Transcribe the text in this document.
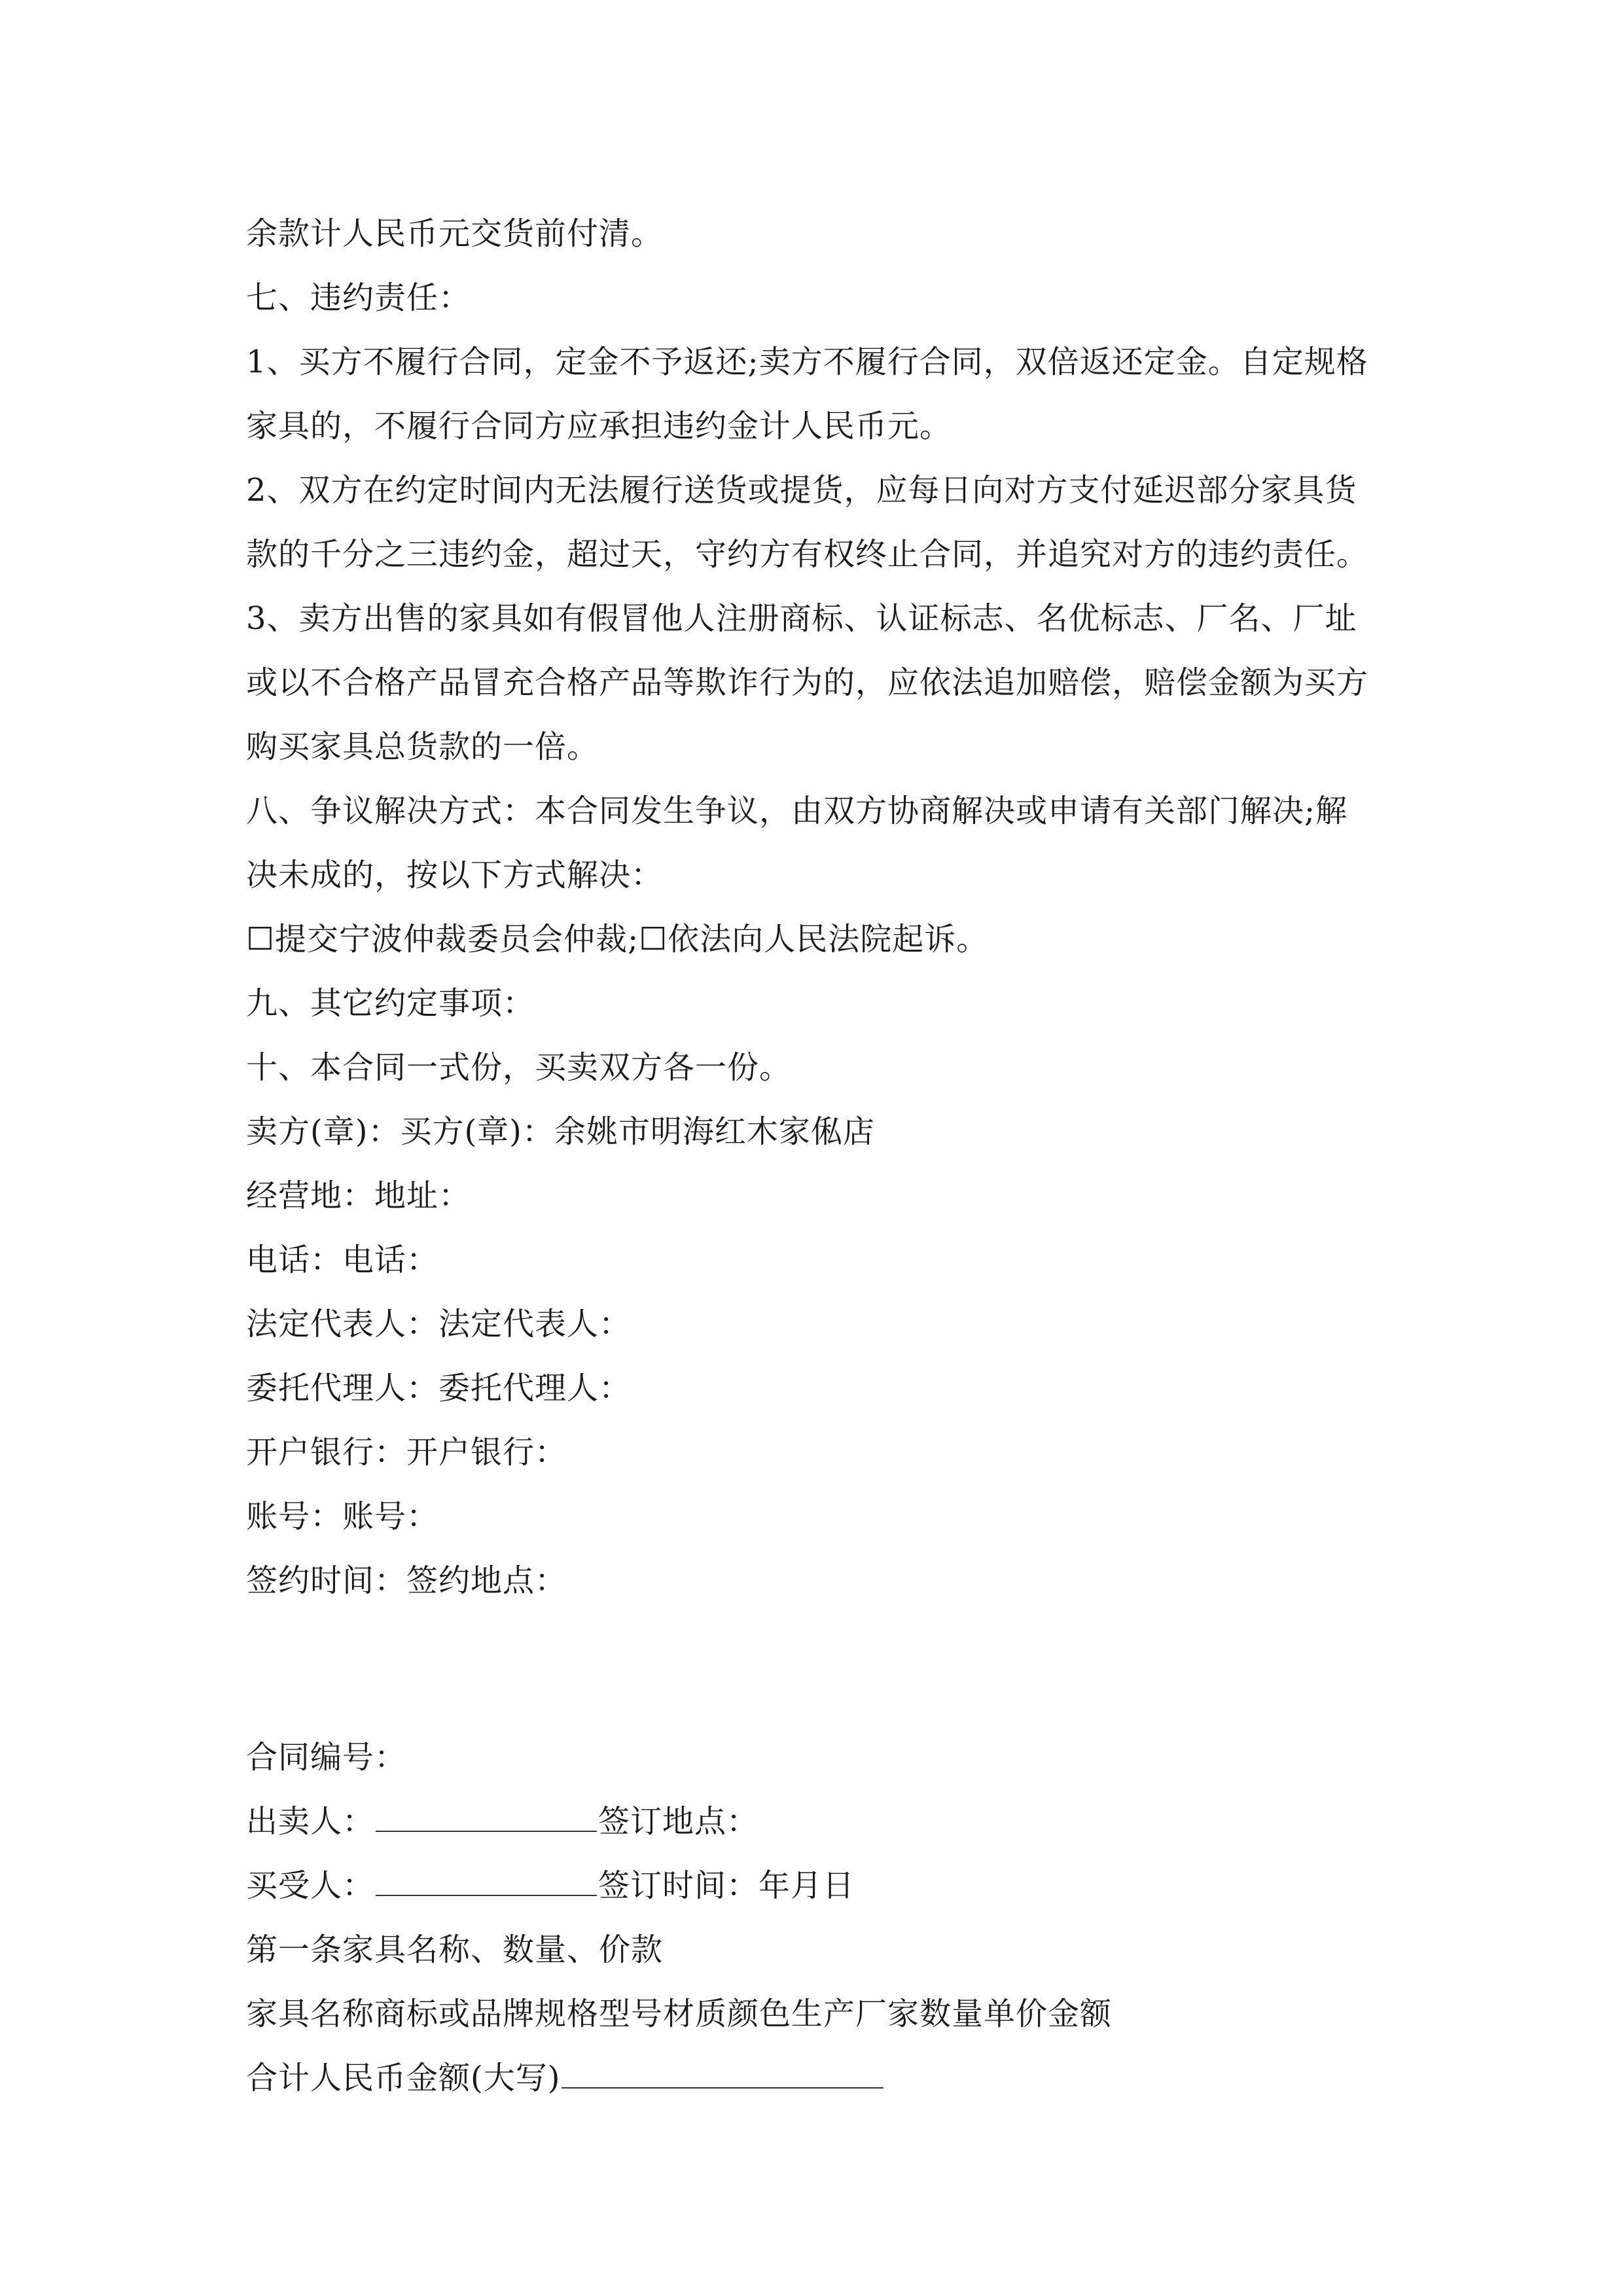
余款计人民币元交货前付清。
七、违约责任：
1、买方不履行合同，定金不予返还;卖方不履行合同，双倍返还定金。自定规格
家具的，不履行合同方应承担违约金计人民币元。
2、双方在约定时间内无法履行送货或提货，应每日向对方支付延迟部分家具货
款的千分之三违约金，超过天，守约方有权终止合同，并追究对方的违约责任。
3、卖方出售的家具如有假冒他人注册商标、认证标志、名优标志、厂名、厂址
或以不合格产品冒充合格产品等欺诈行为的，应依法追加赔偿，赔偿金额为买方
购买家具总货款的一倍。
八、争议解决方式：本合同发生争议，由双方协商解决或申请有关部门解决;解
决未成的，按以下方式解决：
☐提交宁波仲裁委员会仲裁;☐依法向人民法院起诉。
九、其它约定事项：
十、本合同一式份，买卖双方各一份。
卖方(章)：买方(章)：余姚市明海红木家俬店
经营地：地址：
电话：电话：
法定代表人：法定代表人：
委托代理人：委托代理人：
开户银行：开户银行：
账号：账号：
签约时间：签约地点：
合同编号：
出卖人：	签订地点：
买受人：	签订时间：年月日
第一条家具名称、数量、价款
家具名称商标或品牌规格型号材质颜色生产厂家数量单价金额
合计人民币金额(大写)
